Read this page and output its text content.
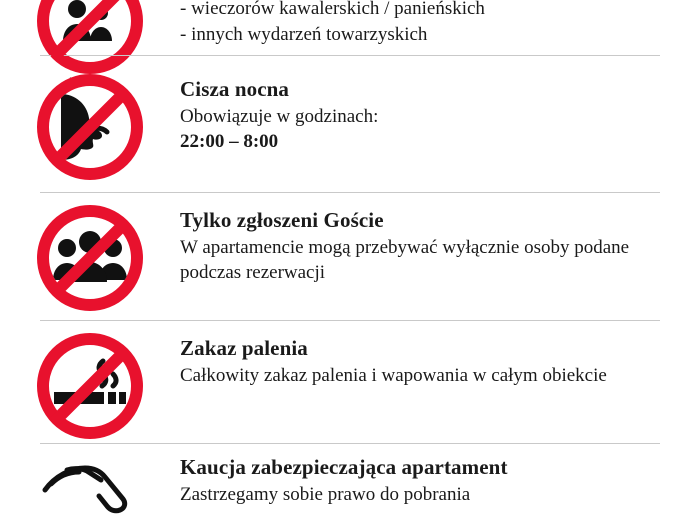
- wieczorów kawalerskich / panieńskich

- innych wydarzeń towarzyskich

Cisza nocna

Obowiązuje w godzinach:

22:00 – 8:00

Tylko zgłoszeni Goście

W apartamencie mogą przebywać wyłącznie osoby podane podczas rezerwacji

Zakaz palenia

Całkowity zakaz palenia i wapowania w całym obiekcie

Kaucja zabezpieczająca apartament

Zastrzegamy sobie prawo do pobrania
